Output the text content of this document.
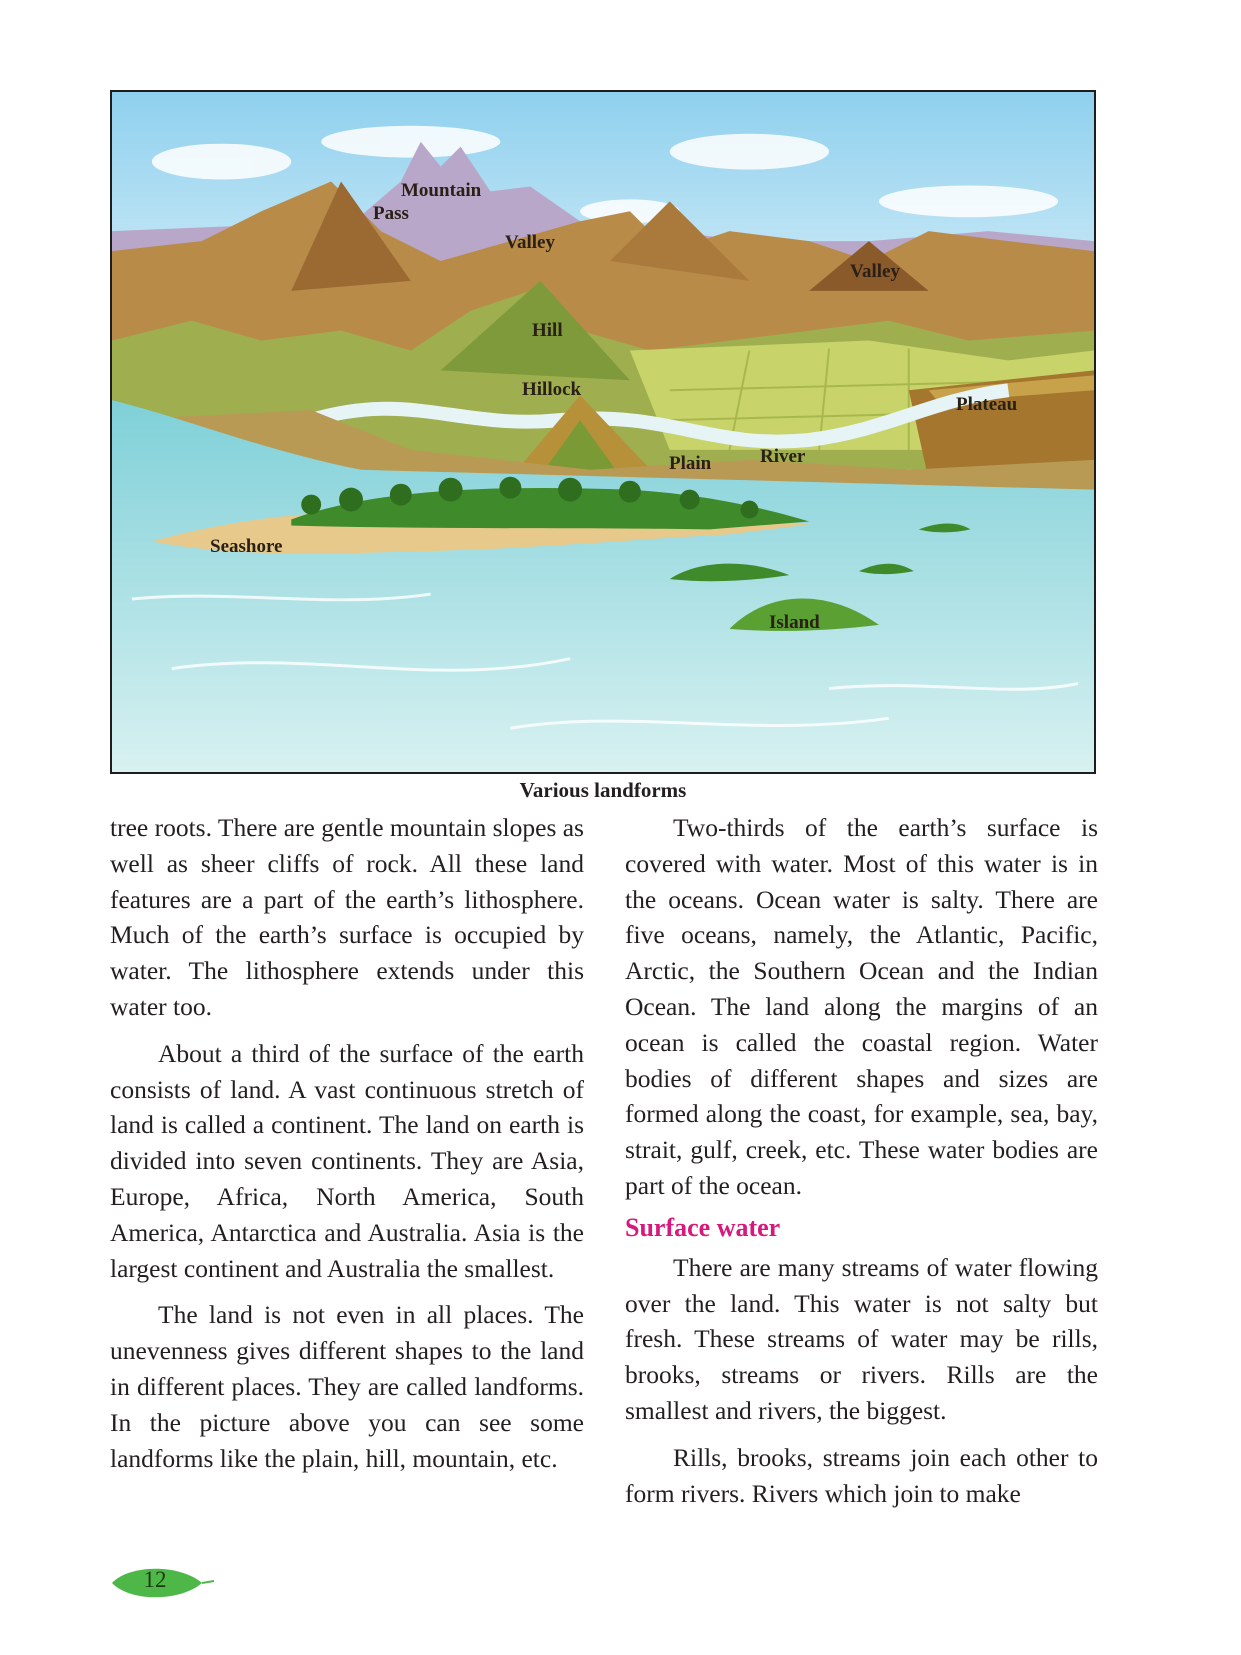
Mountain
Pass
Valley
Valley
Hill
Hillock
Plateau
Plain	River
Seashore
Island
Various landforms

tree roots. There are gentle mountain slopes as well as sheer cliffs of rock. All these land features are a part of the earth’s lithosphere. Much of the earth’s surface is occupied by water. The lithosphere extends under this water too.

About a third of the surface of the earth consists of land. A vast continuous stretch of land is called a continent. The land on earth is divided into seven continents. They are Asia, Europe, Africa, North America, South America, Antarctica and Australia. Asia is the largest continent and Australia the smallest.

The land is not even in all places. The unevenness gives different shapes to the land in different places. They are called landforms. In the picture above you can see some landforms like the plain, hill, mountain, etc.

Two-thirds of the earth’s surface is covered with water. Most of this water is in the oceans. Ocean water is salty. There are five oceans, namely, the Atlantic, Pacific, Arctic, the Southern Ocean and the Indian Ocean. The land along the margins of an ocean is called the coastal region. Water bodies of different shapes and sizes are formed along the coast, for example, sea, bay, strait, gulf, creek, etc. These water bodies are part of the ocean.

Surface water

There are many streams of water flowing over the land. This water is not salty but fresh. These streams of water may be rills, brooks, streams or rivers. Rills are the smallest and rivers, the biggest.

Rills, brooks, streams join each other to form rivers. Rivers which join to make

12
